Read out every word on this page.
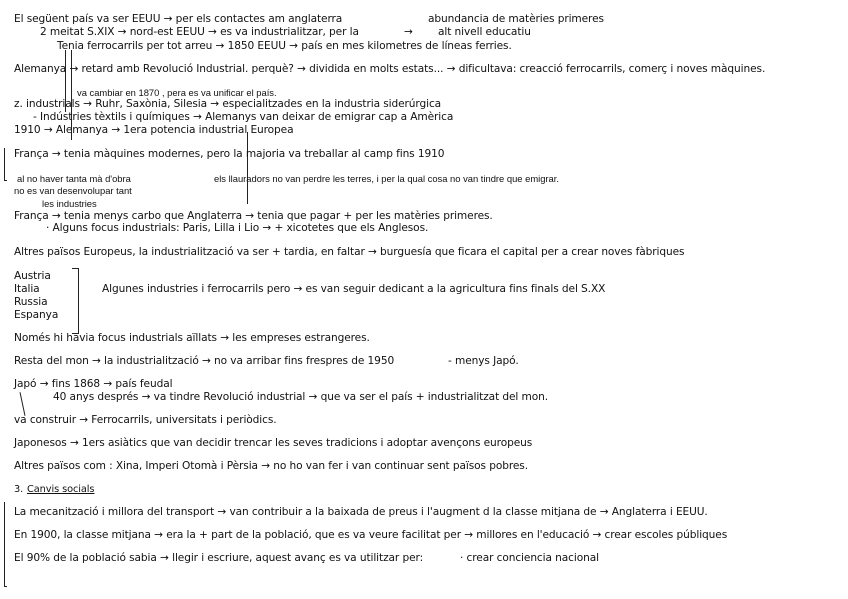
El següent país va ser EEUU → per els contactes am anglaterra	abundancia de matèries primeres
2 meitat S.XIX → nord-est EEUU → es va industrialitzar, per la	→ alt nivell educatiu
Tenia ferrocarrils per tot arreu → 1850 EEUU → país en mes kilometres de líneas ferries.
Alemanya → retard amb Revolució Industrial. perquè? → dividida en molts estats... → dificultava: creacció ferrocarrils, comerç i noves màquines.
va cambiar en 1870 , pera es va unificar el país.
z. industrials → Ruhr, Saxònia, Silesia → especialitzades en la industria siderúrgica
- Indústries tèxtils i químiques → Alemanys van deixar de emigrar cap a Amèrica
1910 → Alemanya → 1era potencia industrial Europea
França → tenia màquines modernes, pero la majoria va treballar al camp fins 1910
al no haver tanta mà d'obra	els llauradors no van perdre les terres, i per la qual cosa no van tindre que emigrar.
no es van desenvolupar tant
les industries
França → tenia menys carbo que Anglaterra → tenia que pagar + per les matèries primeres.
· Alguns focus industrials: Paris, Lilla i Lio → + xicotetes que els Anglesos.
Altres països Europeus, la industrialització va ser + tardia, en faltar → burguesía que ficara el capital per a crear noves fàbriques
Austria
Italia
Russia
Espanya
Algunes industries i ferrocarrils pero → es van seguir dedicant a la agricultura fins finals del S.XX
Només hi havia focus industrials aïllats → les empreses estrangeres.
Resta del mon → la industrialització → no va arribar fins frespres de 1950	- menys Japó.
Japó → fins 1868 → país feudal
40 anys després → va tindre Revolució industrial → que va ser el país + industrialitzat del mon.
va construir → Ferrocarrils, universitats i periòdics.
Japonesos → 1ers asiàtics que van decidir trencar les seves tradicions i adoptar avençons europeus
Altres països com : Xina, Imperi Otomà i Pèrsia → no ho van fer i van continuar sent països pobres.
3. Canvis socials
La mecanització i millora del transport → van contribuir a la baixada de preus i l'augment d la classe mitjana de → Anglaterra i EEUU.
En 1900, la classe mitjana → era la + part de la població, que es va veure facilitat per → millores en l'educació → crear escoles públiques
El 90% de la població sabia → llegir i escriure, aquest avanç es va utilitzar per:	· crear conciencia nacional
